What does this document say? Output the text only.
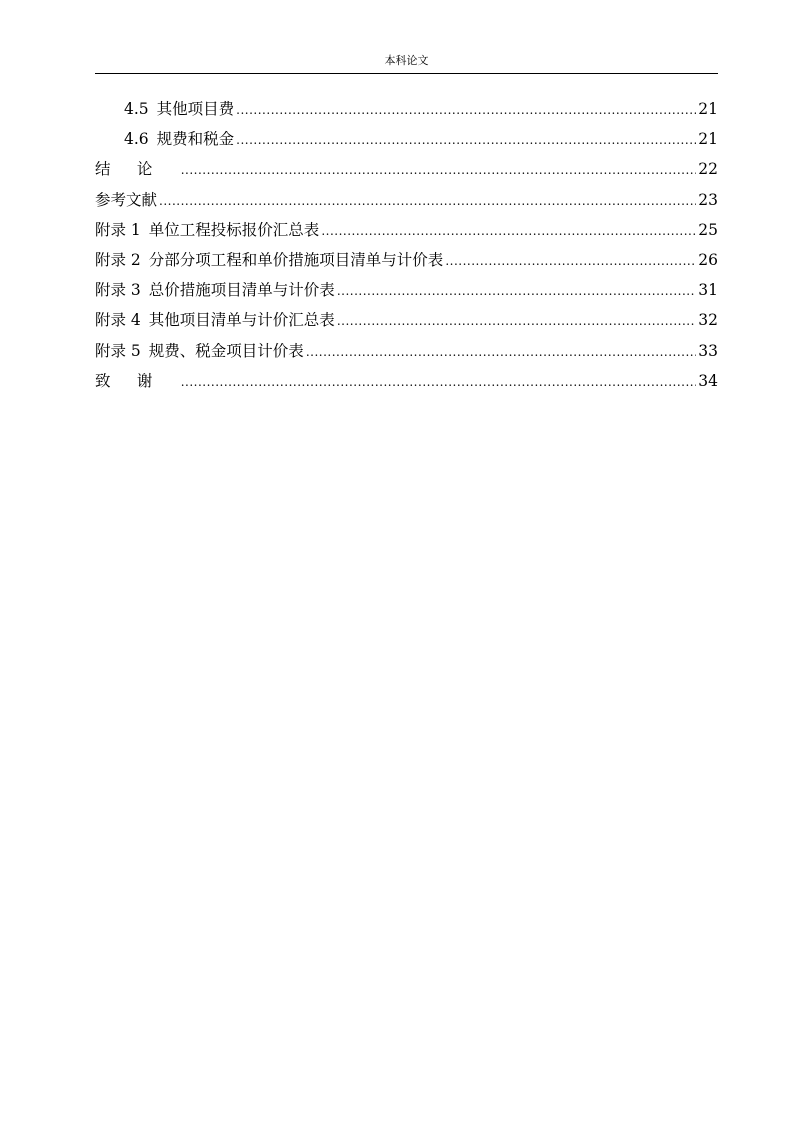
本科论文
4.5 其他项目费 .....	21
4.6 规费和税金 .....	21
结论 .....	22
参考文献 .....	23
附录 1 单位工程投标报价汇总表 .....	25
附录 2 分部分项工程和单价措施项目清单与计价表 .....	26
附录 3 总价措施项目清单与计价表 .....	31
附录 4 其他项目清单与计价汇总表 .....	32
附录 5 规费、税金项目计价表 .....	33
致谢 .....	34
